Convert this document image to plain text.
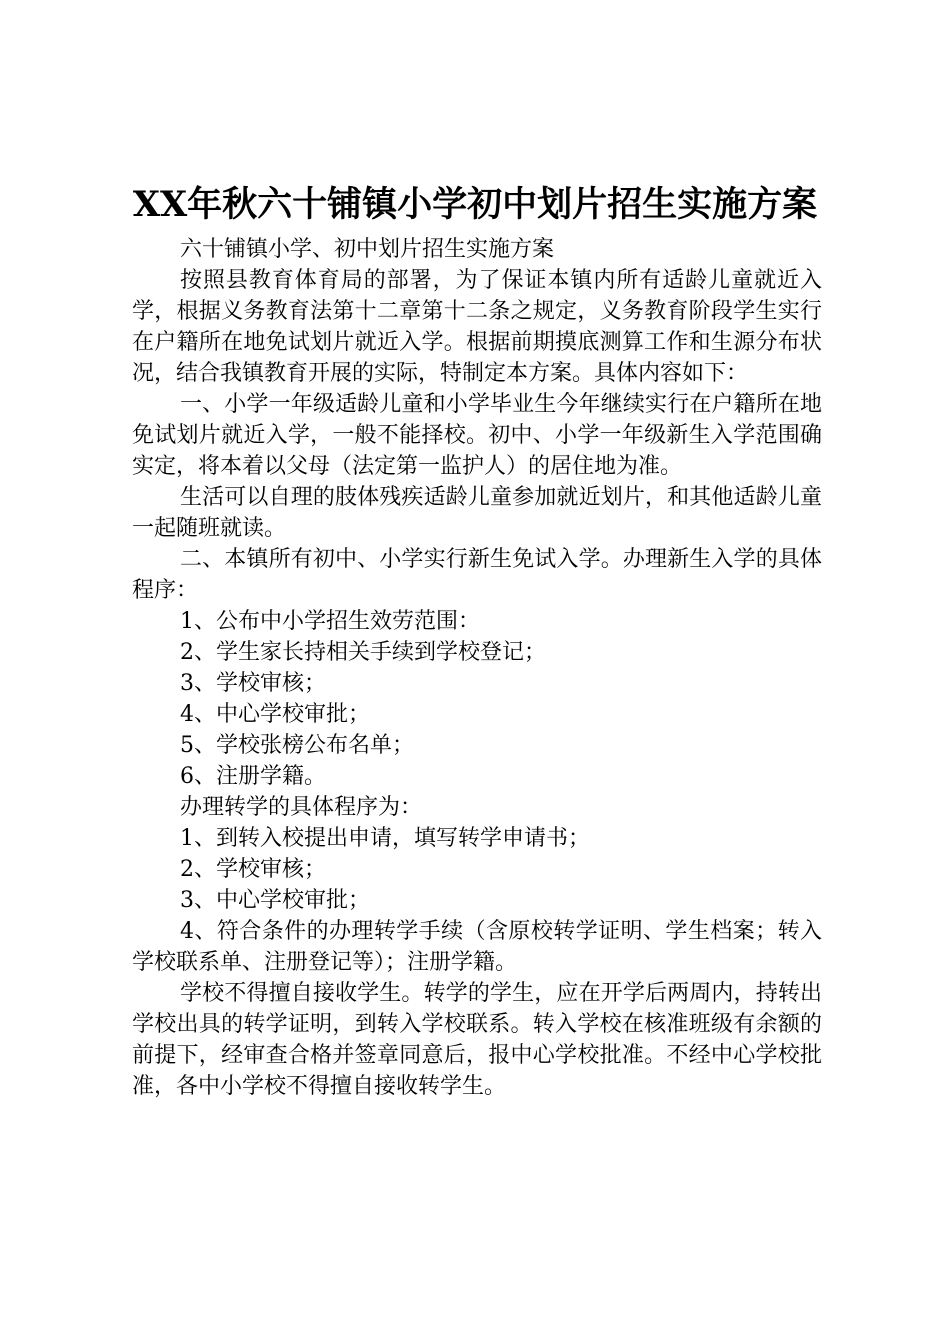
XX年秋六十铺镇小学初中划片招生实施方案

六十铺镇小学、初中划片招生实施方案

按照县教育体育局的部署，为了保证本镇内所有适龄儿童就近入学，根据义务教育法第十二章第十二条之规定，义务教育阶段学生实行在户籍所在地免试划片就近入学。根据前期摸底测算工作和生源分布状况，结合我镇教育开展的实际，特制定本方案。具体内容如下：

一、小学一年级适龄儿童和小学毕业生今年继续实行在户籍所在地免试划片就近入学，一般不能择校。初中、小学一年级新生入学范围确实定，将本着以父母（法定第一监护人）的居住地为准。

生活可以自理的肢体残疾适龄儿童参加就近划片，和其他适龄儿童一起随班就读。

二、本镇所有初中、小学实行新生免试入学。办理新生入学的具体程序：

1、公布中小学招生效劳范围：

2、学生家长持相关手续到学校登记；

3、学校审核；

4、中心学校审批；

5、学校张榜公布名单；

6、注册学籍。

办理转学的具体程序为：

1、到转入校提出申请，填写转学申请书；

2、学校审核；

3、中心学校审批；

4、符合条件的办理转学手续（含原校转学证明、学生档案；转入学校联系单、注册登记等）；注册学籍。

学校不得擅自接收学生。转学的学生，应在开学后两周内，持转出学校出具的转学证明，到转入学校联系。转入学校在核准班级有余额的前提下，经审查合格并签章同意后，报中心学校批准。不经中心学校批准，各中小学校不得擅自接收转学生。
